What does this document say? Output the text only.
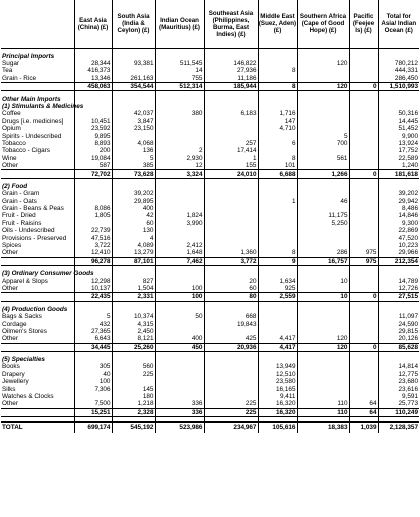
	East Asia (China) (£)	South Asia (India & Ceylon) (£)	Indian Ocean (Mauritius) (£)	Southeast Asia (Philippines, Burma, East Indies) (£)	Middle East (Suez, Aden) (£)	Southern Africa (Cape of Good Hope) (£)	Pacific (Feejee Is) (£)	Total for Asia/ Indian Ocean (£)

Principal Imports								
Sugar	28,344	93,381	511,545	146,822		120		780,212
Tea	416,373		14	27,936	8			444,331
Grain - Rice	13,346	261,163	755	11,186				286,450
	458,063	354,544	512,314	185,944	8	120	0	1,510,993

Other Main Imports								
(1) Stimulants & Medicines								
Coffee		42,037	380	6,183	1,716			50,316
Drugs [i.e. medicines]	10,451	3,847			147			14,445
Opium	23,592	23,150			4,710			51,452
Spirits - Undescribed	9,895					5		9,900
Tobacco	8,893	4,068		257	6	700		13,924
Tobacco - Cigars	200	136	2	17,414				17,752
Wine	19,084	5	2,930	1	8	561		22,589
Other	587	385	12	155	101			1,240
	72,702	73,628	3,324	24,010	6,688	1,266	0	181,618

(2) Food								
Grain - Gram		39,202						39,202
Grain - Oats		29,895			1	46		29,942
Grain - Beans & Peas	8,086	400						8,486
Fruit - Dried	1,805	42	1,824			11,175		14,846
Fruit - Raisins		60	3,990			5,250		9,300
Oils - Undescribed	22,739	130						22,869
Provisions - Preserved	47,516	4						47,520
Spices	3,722	4,089	2,412					10,223
Other	12,410	13,279	1,648	1,360	8	286	975	29,966
	96,278	87,101	7,462	3,772	9	16,757	975	212,354

(3) Ordinary Consumer Goods								
Apparel & Slops	12,298	827		20	1,634	10		14,789
Other	10,137	1,504	100	60	925			12,726
	22,435	2,331	100	80	2,559	10	0	27,515

(4) Production Goods								
Bags & Sacks	5	10,374	50	668				11,097
Cordage	432	4,315		19,843				24,590
Oilmen's Stores	27,365	2,450						29,815
Other	6,643	8,121	400	425	4,417	120		20,126
	34,445	25,260	450	20,936	4,417	120	0	85,628

(5) Specialties								
Books	305	560			13,949			14,814
Drapery	40	225			12,510			12,775
Jewellery	100				23,580			23,680
Silks	7,306	145			16,165			23,616
Watches & Clocks		180			9,411			9,591
Other	7,500	1,218	336	225	16,320	110	64	25,773
	15,251	2,328	336	225	16,320	110	64	110,249

TOTAL	699,174	545,192	523,986	234,967	105,616	18,383	1,039	2,128,357
